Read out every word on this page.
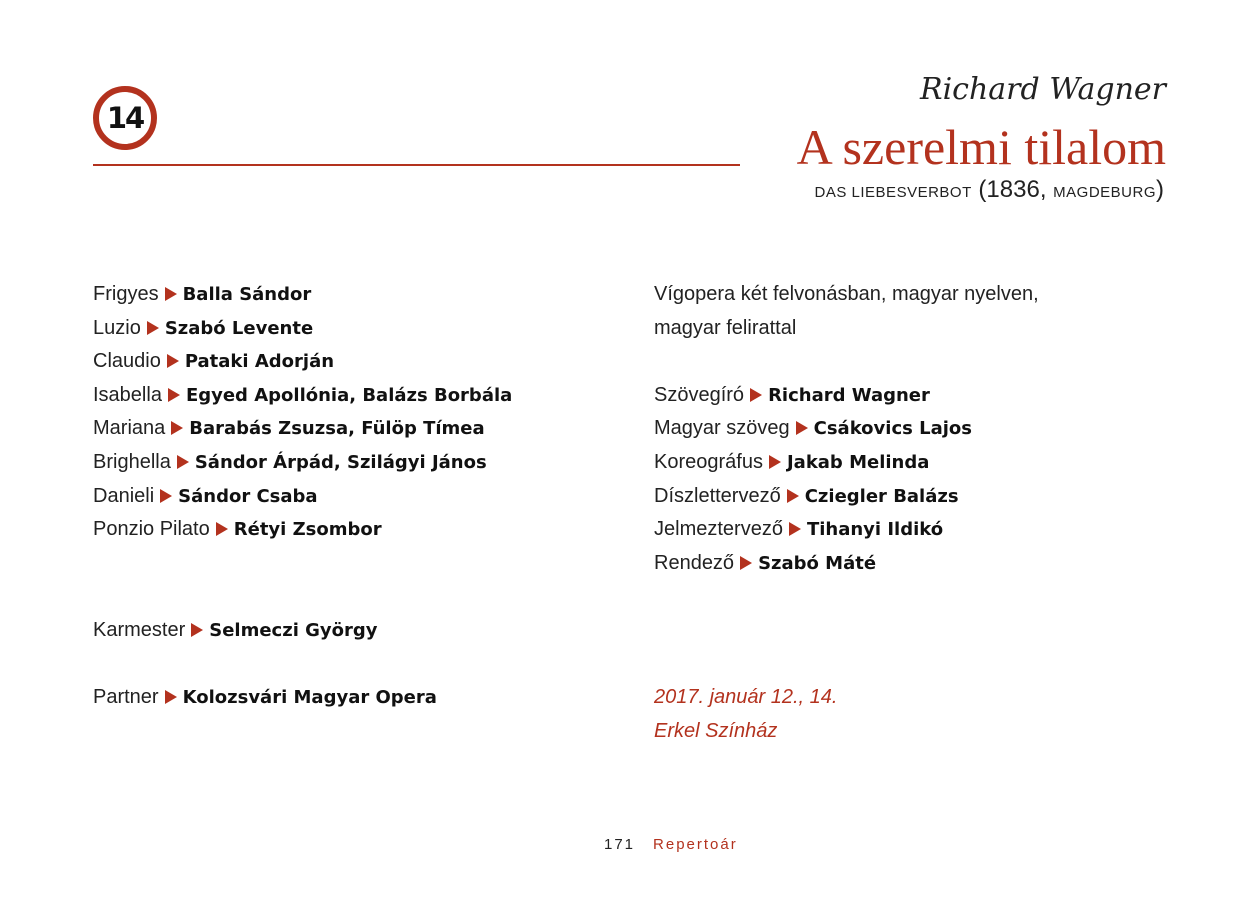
14
Richard Wagner
A szerelmi tilalom
DAS LIEBESVERBOT (1836, MAGDEBURG)
Frigyes Balla Sándor
Luzio Szabó Levente
Claudio Pataki Adorján
Isabella Egyed Apollónia, Balázs Borbála
Mariana Barabás Zsuzsa, Fülöp Tímea
Brighella Sándor Árpád, Szilágyi János
Danieli Sándor Csaba
Ponzio Pilato Rétyi Zsombor
Karmester Selmeczi György
Partner Kolozsvári Magyar Opera
Vígopera két felvonásban, magyar nyelven,
magyar felirattal
Szövegíró Richard Wagner
Magyar szöveg Csákovics Lajos
Koreográfus Jakab Melinda
Díszlettervező Cziegler Balázs
Jelmeztervező Tihanyi Ildikó
Rendező Szabó Máté
2017. január 12., 14.
Erkel Színház
171 Repertoár
